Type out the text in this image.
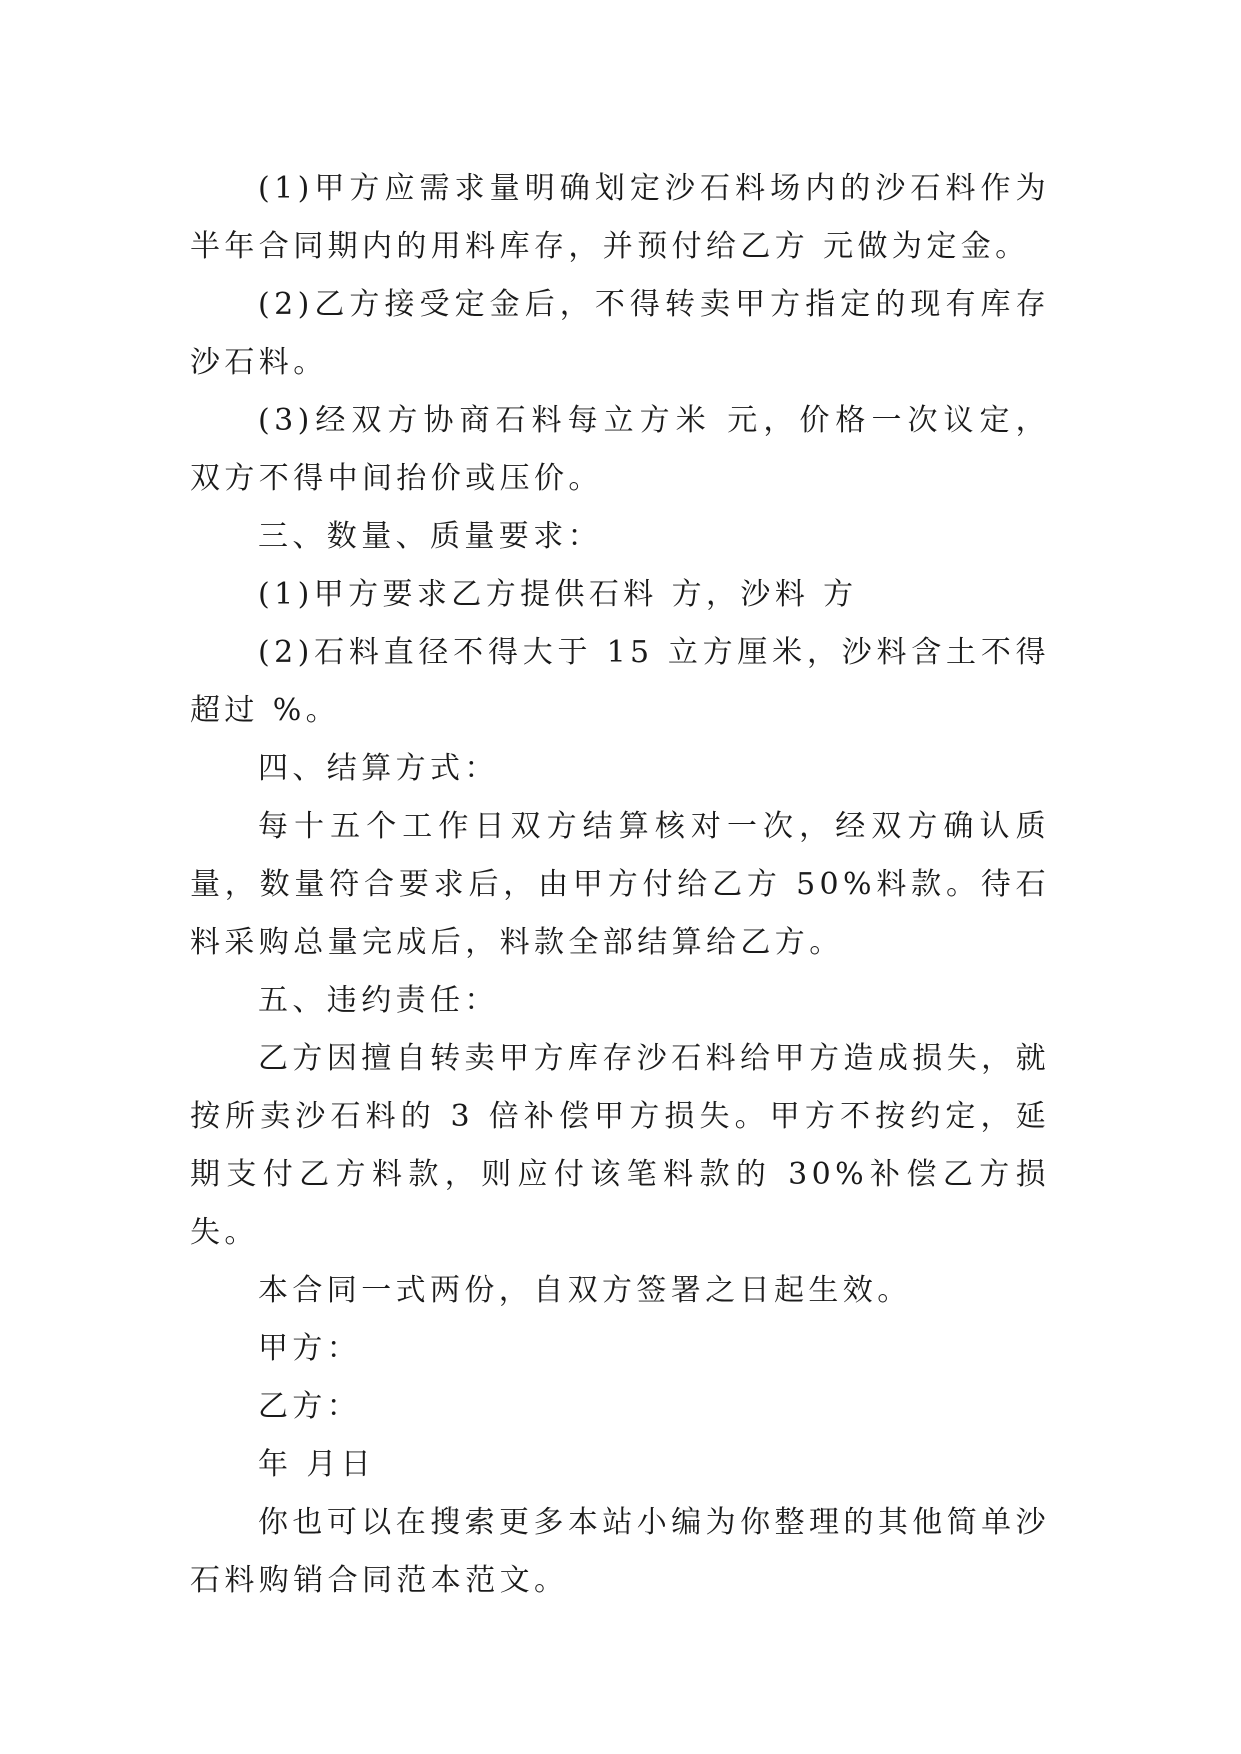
(1)甲方应需求量明确划定沙石料场内的沙石料作为半年合同期内的用料库存，并预付给乙方 元做为定金。

(2)乙方接受定金后，不得转卖甲方指定的现有库存沙石料。

(3)经双方协商石料每立方米 元，价格一次议定，双方不得中间抬价或压价。

三、数量、质量要求：

(1)甲方要求乙方提供石料 方，沙料 方

(2)石料直径不得大于 15 立方厘米，沙料含土不得超过 %。

四、结算方式：

每十五个工作日双方结算核对一次，经双方确认质量，数量符合要求后，由甲方付给乙方 50%料款。待石料采购总量完成后，料款全部结算给乙方。

五、违约责任：

乙方因擅自转卖甲方库存沙石料给甲方造成损失，就按所卖沙石料的 3 倍补偿甲方损失。甲方不按约定，延期支付乙方料款，则应付该笔料款的 30%补偿乙方损失。

本合同一式两份，自双方签署之日起生效。

甲方：

乙方：

年 月日

你也可以在搜索更多本站小编为你整理的其他简单沙石料购销合同范本范文。
